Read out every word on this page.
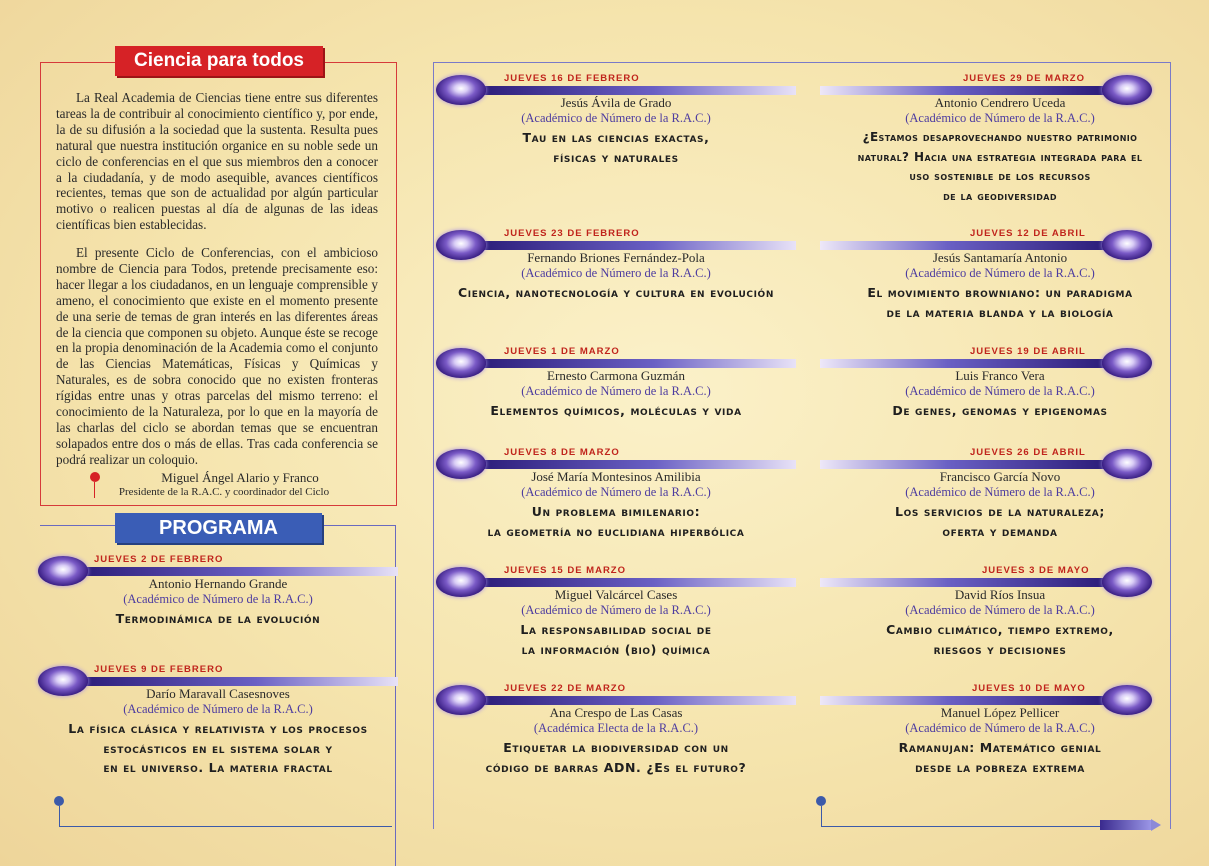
Ciencia para todos

La Real Academia de Ciencias tiene entre sus diferentes tareas la de contribuir al conocimiento científico y, por ende, la de su difusión a la sociedad que la sustenta. Resulta pues natural que nuestra institución organice en su noble sede un ciclo de conferencias en el que sus miembros den a conocer a la ciudadanía, y de modo asequible, avances científicos recientes, temas que son de actualidad por algún particular motivo o realicen puestas al día de algunas de las ideas científicas bien establecidas.

El presente Ciclo de Conferencias, con el ambicioso nombre de Ciencia para Todos, pretende precisamente eso: hacer llegar a los ciudadanos, en un lenguaje comprensible y ameno, el conocimiento que existe en el momento presente de una serie de temas de gran interés en las diferentes áreas de la ciencia que componen su objeto. Aunque éste se recoge en la propia denominación de la Academia como el conjunto de las Ciencias Matemáticas, Físicas y Químicas y Naturales, es de sobra conocido que no existen fronteras rígidas entre unas y otras parcelas del mismo terreno: el conocimiento de la Naturaleza, por lo que en la mayoría de las charlas del ciclo se abordan temas que se encuentran solapados entre dos o más de ellas. Tras cada conferencia se podrá realizar un coloquio.

Miguel Ángel Alario y Franco
Presidente de la R.A.C. y coordinador del Ciclo
PROGRAMA
JUEVES 2 DE FEBRERO
Antonio Hernando Grande
(Académico de Número de la R.A.C.)
Termodinámica de la evolución
JUEVES 9 DE FEBRERO
Darío Maravall Casesnoves
(Académico de Número de la R.A.C.)
La física clásica y relativista y los procesos
estocásticos en el sistema solar y
en el universo. La materia fractal
JUEVES 16 DE FEBRERO
Jesús Ávila de Grado
(Académico de Número de la R.A.C.)
Tau en las ciencias exactas,
físicas y naturales
JUEVES 23 DE FEBRERO
Fernando Briones Fernández-Pola
(Académico de Número de la R.A.C.)
Ciencia, nanotecnología y cultura en evolución
JUEVES 1 DE MARZO
Ernesto Carmona Guzmán
(Académico de Número de la R.A.C.)
Elementos químicos, moléculas y vida
JUEVES 8 DE MARZO
José María Montesinos Amilibia
(Académico de Número de la R.A.C.)
Un problema bimilenario:
la geometría no euclidiana hiperbólica
JUEVES 15 DE MARZO
Miguel Valcárcel Cases
(Académico de Número de la R.A.C.)
La responsabilidad social de
la información (bio) química
JUEVES 22 DE MARZO
Ana Crespo de Las Casas
(Académica Electa de la R.A.C.)
Etiquetar la biodiversidad con un
código de barras ADN. ¿Es el futuro?
JUEVES 29 DE MARZO
Antonio Cendrero Uceda
(Académico de Número de la R.A.C.)
¿Estamos desaprovechando nuestro patrimonio
natural? Hacia una estrategia integrada para el
uso sostenible de los recursos
de la geodiversidad
JUEVES 12 DE ABRIL
Jesús Santamaría Antonio
(Académico de Número de la R.A.C.)
El movimiento browniano: un paradigma
de la materia blanda y la biología
JUEVES 19 DE ABRIL
Luis Franco Vera
(Académico de Número de la R.A.C.)
De genes, genomas y epigenomas
JUEVES 26 DE ABRIL
Francisco García Novo
(Académico de Número de la R.A.C.)
Los servicios de la naturaleza;
oferta y demanda
JUEVES 3 DE MAYO
David Ríos Insua
(Académico de Número de la R.A.C.)
Cambio climático, tiempo extremo,
riesgos y decisiones
JUEVES 10 DE MAYO
Manuel López Pellicer
(Académico de Número de la R.A.C.)
Ramanujan: Matemático genial
desde la pobreza extrema
